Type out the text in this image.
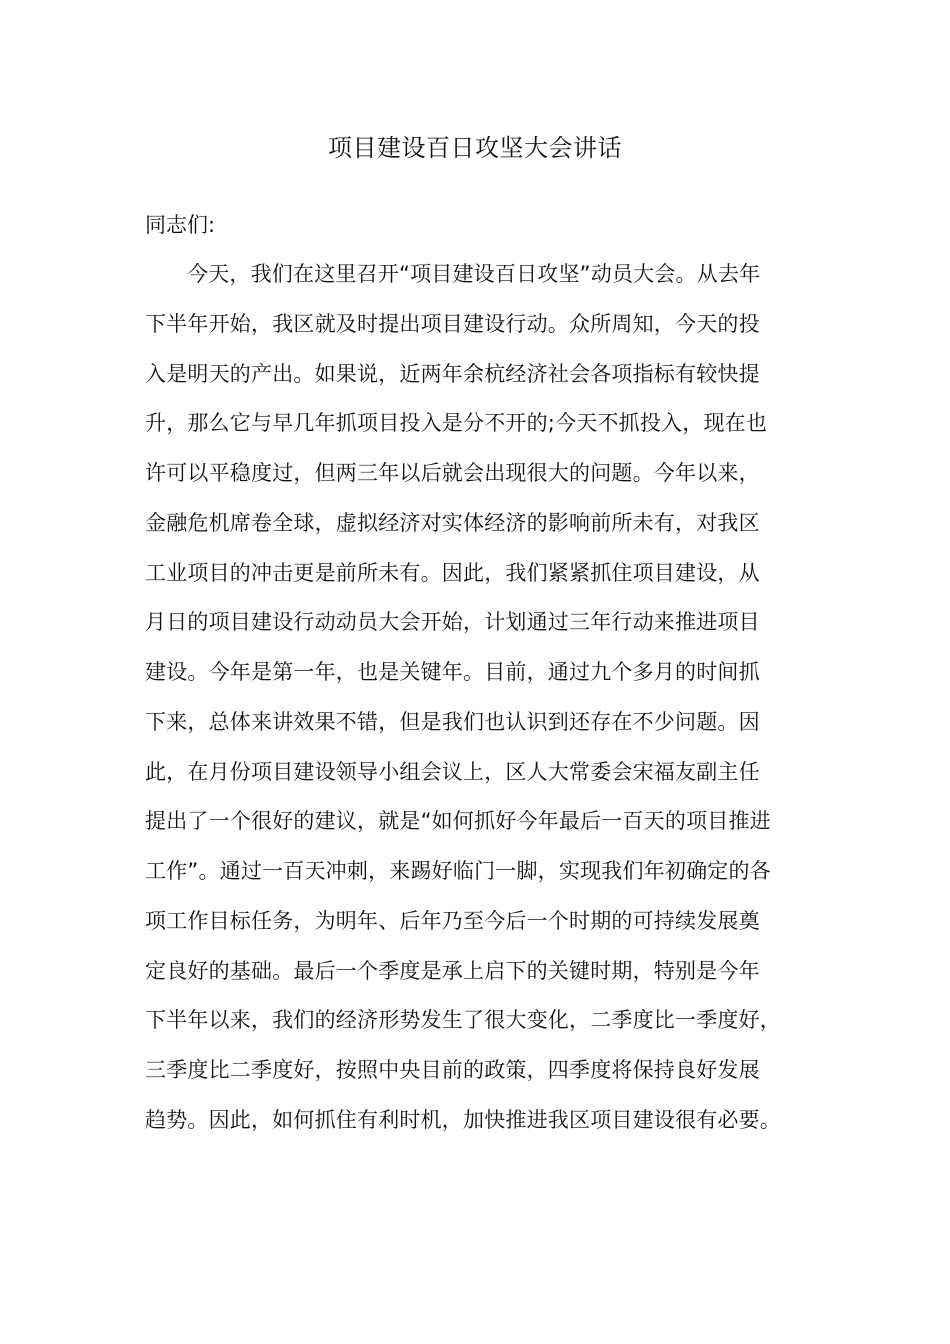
项目建设百日攻坚大会讲话
同志们:
今天，我们在这里召开“项目建设百日攻坚”动员大会。从去年
下半年开始，我区就及时提出项目建设行动。众所周知，今天的投
入是明天的产出。如果说，近两年余杭经济社会各项指标有较快提
升，那么它与早几年抓项目投入是分不开的;今天不抓投入，现在也
许可以平稳度过，但两三年以后就会出现很大的问题。今年以来，
金融危机席卷全球，虚拟经济对实体经济的影响前所未有，对我区
工业项目的冲击更是前所未有。因此，我们紧紧抓住项目建设，从
月日的项目建设行动动员大会开始，计划通过三年行动来推进项目
建设。今年是第一年，也是关键年。目前，通过九个多月的时间抓
下来，总体来讲效果不错，但是我们也认识到还存在不少问题。因
此，在月份项目建设领导小组会议上，区人大常委会宋福友副主任
提出了一个很好的建议，就是“如何抓好今年最后一百天的项目推进
工作”。通过一百天冲刺，来踢好临门一脚，实现我们年初确定的各
项工作目标任务，为明年、后年乃至今后一个时期的可持续发展奠
定良好的基础。最后一个季度是承上启下的关键时期，特别是今年
下半年以来，我们的经济形势发生了很大变化，二季度比一季度好，
三季度比二季度好，按照中央目前的政策，四季度将保持良好发展
趋势。因此，如何抓住有利时机，加快推进我区项目建设很有必要。
